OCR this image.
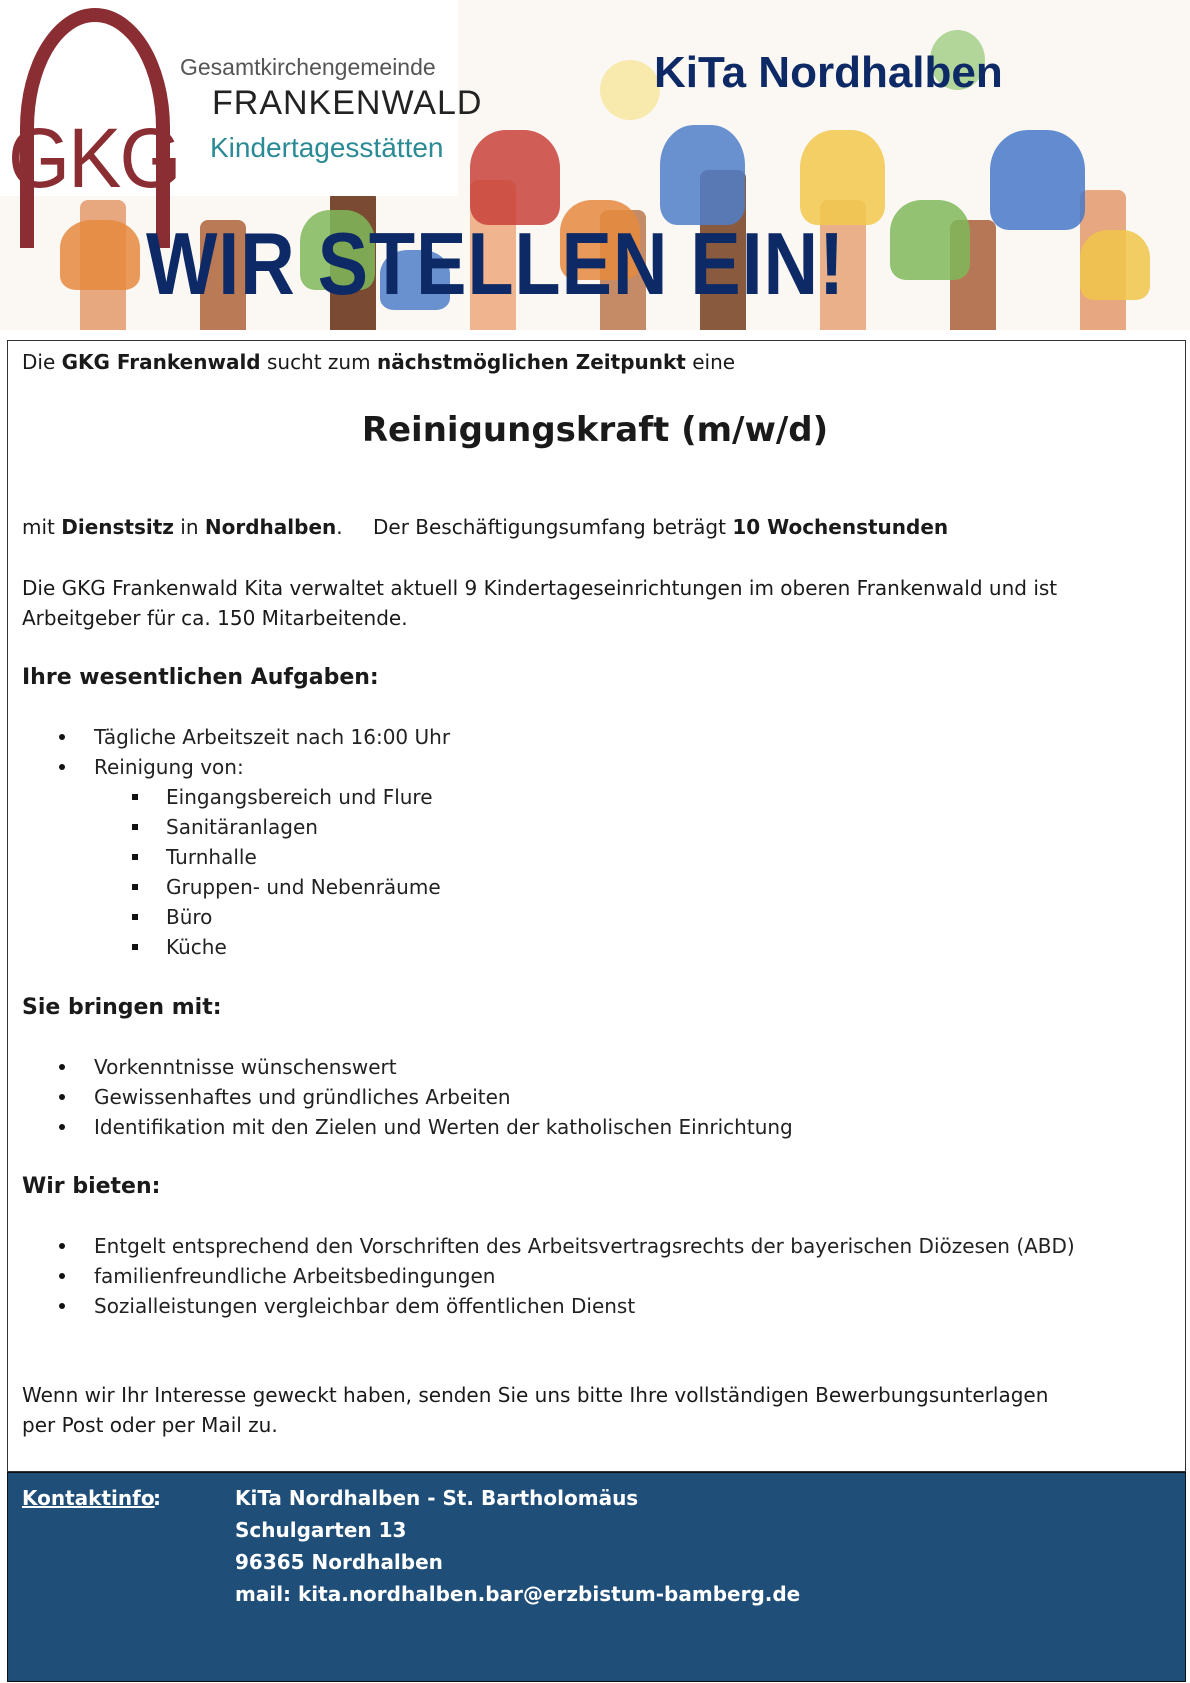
GKG
Gesamtkirchengemeinde
FRANKENWALD
Kindertagesstätten
KiTa Nordhalben
WIR STELLEN EIN!
Die GKG Frankenwald sucht zum nächstmöglichen Zeitpunkt eine
Reinigungskraft (m/w/d)
mit Dienstsitz in Nordhalben. Der Beschäftigungsumfang beträgt 10 Wochenstunden
Die GKG Frankenwald Kita verwaltet aktuell 9 Kindertageseinrichtungen im oberen Frankenwald und ist
Arbeitgeber für ca. 150 Mitarbeitende.
Ihre wesentlichen Aufgaben:
Sie bringen mit:
Wir bieten:
Wenn wir Ihr Interesse geweckt haben, senden Sie uns bitte Ihre vollständigen Bewerbungsunterlagen
per Post oder per Mail zu.
Kontaktinfo
:	KiTa Nordhalben - St. Bartholomäus
Schulgarten 13
96365 Nordhalben
mail: kita.nordhalben.bar@erzbistum-bamberg.de
Tägliche Arbeitszeit nach 16:00 Uhr
Reinigung von:
Eingangsbereich und Flure
Sanitäranlagen
Turnhalle
Gruppen- und Nebenräume
Büro
Küche
Vorkenntnisse wünschenswert
Gewissenhaftes und gründliches Arbeiten
Identifikation mit den Zielen und Werten der katholischen Einrichtung
Entgelt entsprechend den Vorschriften des Arbeitsvertragsrechts der bayerischen Diözesen (ABD)
familienfreundliche Arbeitsbedingungen
Sozialleistungen vergleichbar dem öffentlichen Dienst
